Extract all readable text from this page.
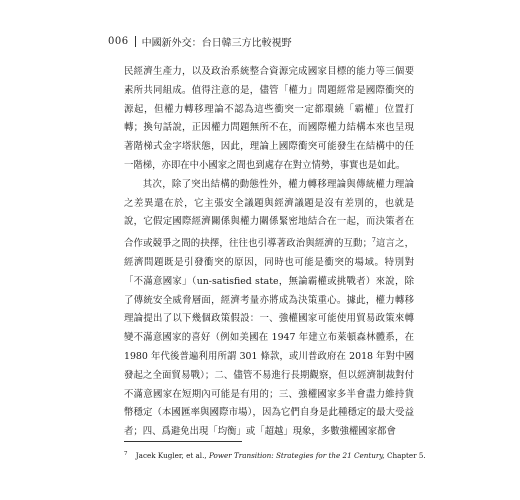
006 中國新外交：台日韓三方比較視野

民經濟生產力，以及政治系統整合資源完成國家目標的能力等三個要素所共同組成。值得注意的是，儘管「權力」問題經常是國際衝突的源起，但權力轉移理論不認為這些衝突一定都環繞「霸權」位置打轉；換句話說，正因權力問題無所不在，而國際權力結構本來也呈現著階梯式金字塔狀態，因此，理論上國際衝突可能發生在結構中的任一階梯，亦即在中小國家之間也到處存在對立情勢，事實也是如此。

其次，除了突出結構的動態性外，權力轉移理論與傳統權力理論之差異還在於，它主張安全議題與經濟議題是沒有差別的，也就是說，它假定國際經濟關係與權力關係緊密地結合在一起，而決策者在合作或競爭之間的抉擇，往往也引導著政治與經濟的互動；$^7$這言之，經濟問題既是引發衝突的原因，同時也可能是衝突的場域。特別對「不滿意國家」（un-satisfied state，無論霸權或挑戰者）來說，除了傳統安全威脅層面，經濟考量亦將成為決策重心。據此，權力轉移理論提出了以下幾個政策假設：一、強權國家可能使用貿易政策來轉變不滿意國家的喜好（例如美國在 1947 年建立布萊頓森林體系，在 1980 年代後普遍利用所謂 301 條款，或川普政府在 2018 年對中國發起之全面貿易戰）；二、儘管不易進行長期觀察，但以經濟制裁對付不滿意國家在短期內可能是有用的；三、強權國家多半會盡力維持貨幣穩定（本國匯率與國際市場），因為它們自身是此種穩定的最大受益者；四、爲避免出現「均衡」或「超越」現象，多數強權國家都會

$^7$ Jacek Kugler, et al., Power Transition: Strategies for the 21 Century, Chapter 5.
